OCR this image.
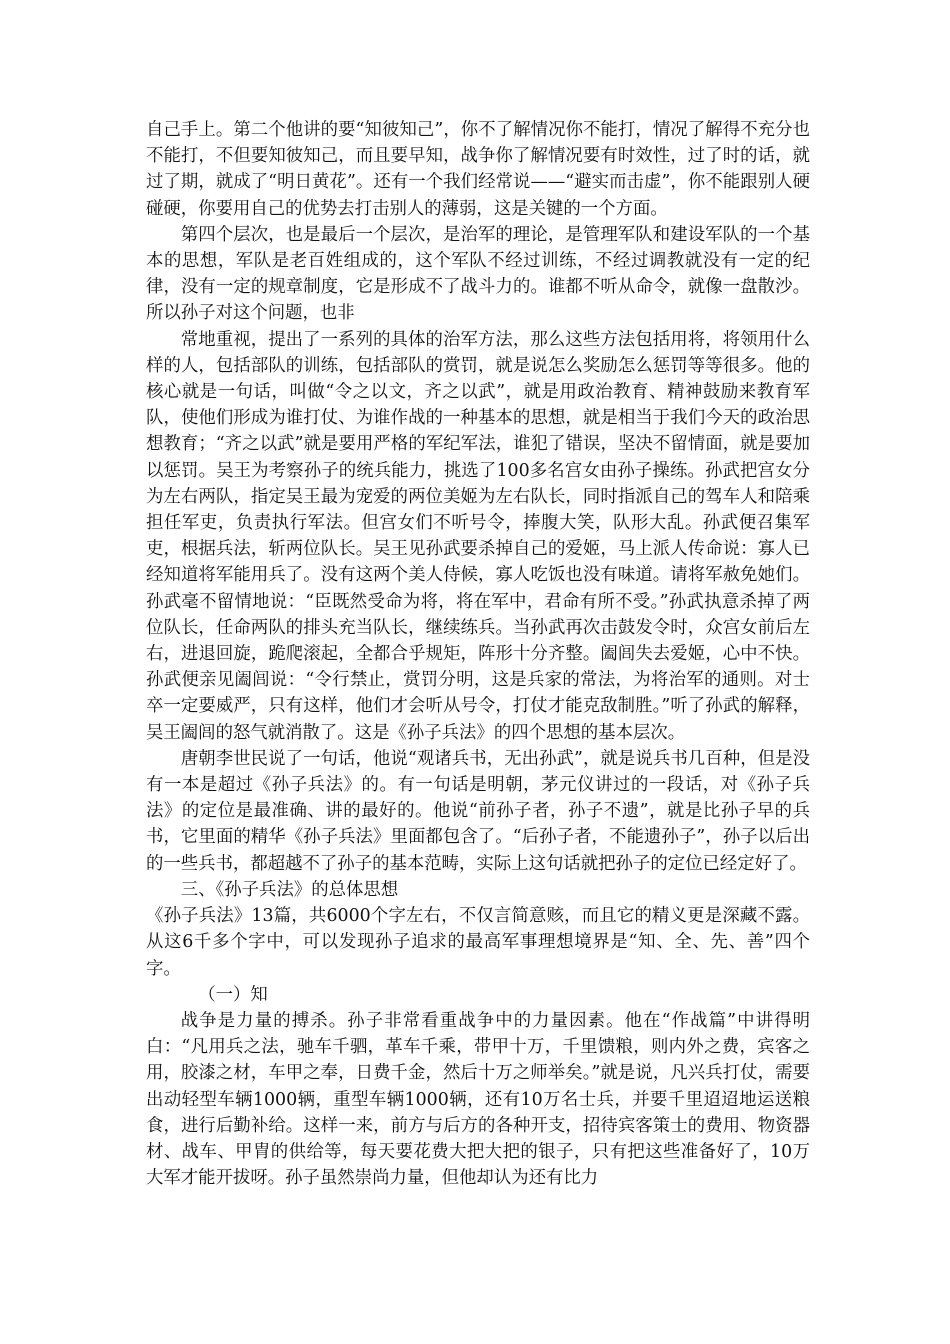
自己手上。第二个他讲的要“知彼知己”，你不了解情况你不能打，情况了解得不充分也不能打，不但要知彼知己，而且要早知，战争你了解情况要有时效性，过了时的话，就过了期，就成了“明日黄花”。还有一个我们经常说——“避实而击虚”，你不能跟别人硬碰硬，你要用自己的优势去打击别人的薄弱，这是关键的一个方面。

第四个层次，也是最后一个层次，是治军的理论，是管理军队和建设军队的一个基本的思想，军队是老百姓组成的，这个军队不经过训练，不经过调教就没有一定的纪律，没有一定的规章制度，它是形成不了战斗力的。谁都不听从命令，就像一盘散沙。所以孙子对这个问题，也非

常地重视，提出了一系列的具体的治军方法，那么这些方法包括用将，将领用什么样的人，包括部队的训练，包括部队的赏罚，就是说怎么奖励怎么惩罚等等很多。他的核心就是一句话，叫做“令之以文，齐之以武”，就是用政治教育、精神鼓励来教育军队，使他们形成为谁打仗、为谁作战的一种基本的思想，就是相当于我们今天的政治思想教育；“齐之以武”就是要用严格的军纪军法，谁犯了错误，坚决不留情面，就是要加以惩罚。吴王为考察孙子的统兵能力，挑选了100多名宫女由孙子操练。孙武把宫女分为左右两队，指定吴王最为宠爱的两位美姬为左右队长，同时指派自己的驾车人和陪乘担任军吏，负责执行军法。但宫女们不听号令，捧腹大笑，队形大乱。孙武便召集军吏，根据兵法，斩两位队长。吴王见孙武要杀掉自己的爱姬，马上派人传命说：寡人已经知道将军能用兵了。没有这两个美人侍候，寡人吃饭也没有味道。请将军赦免她们。孙武毫不留情地说：“臣既然受命为将，将在军中，君命有所不受。”孙武执意杀掉了两位队长，任命两队的排头充当队长，继续练兵。当孙武再次击鼓发令时，众宫女前后左右，进退回旋，跪爬滚起，全都合乎规矩，阵形十分齐整。阖闾失去爱姬，心中不快。孙武便亲见阖闾说：“令行禁止，赏罚分明，这是兵家的常法，为将治军的通则。对士卒一定要威严，只有这样，他们才会听从号令，打仗才能克敌制胜。”听了孙武的解释，吴王阖闾的怒气就消散了。这是《孙子兵法》的四个思想的基本层次。

唐朝李世民说了一句话，他说“观诸兵书，无出孙武”，就是说兵书几百种，但是没有一本是超过《孙子兵法》的。有一句话是明朝，茅元仪讲过的一段话，对《孙子兵法》的定位是最准确、讲的最好的。他说“前孙子者，孙子不遗”，就是比孙子早的兵书，它里面的精华《孙子兵法》里面都包含了。“后孙子者，不能遗孙子”，孙子以后出的一些兵书，都超越不了孙子的基本范畴，实际上这句话就把孙子的定位已经定好了。

三、《孙子兵法》的总体思想

《孙子兵法》13篇，共6000个字左右，不仅言简意赅，而且它的精义更是深藏不露。从这6千多个字中，可以发现孙子追求的最高军事理想境界是“知、全、先、善”四个字。

（一）知

战争是力量的搏杀。孙子非常看重战争中的力量因素。他在“作战篇”中讲得明白：“凡用兵之法，驰车千驷，革车千乘，带甲十万，千里馈粮，则内外之费，宾客之用，胶漆之材，车甲之奉，日费千金，然后十万之师举矣。”就是说，凡兴兵打仗，需要出动轻型车辆1000辆，重型车辆1000辆，还有10万名士兵，并要千里迢迢地运送粮食，进行后勤补给。这样一来，前方与后方的各种开支，招待宾客策士的费用、物资器材、战车、甲胄的供给等，每天要花费大把大把的银子，只有把这些准备好了，10万大军才能开拔呀。孙子虽然崇尚力量，但他却认为还有比力
